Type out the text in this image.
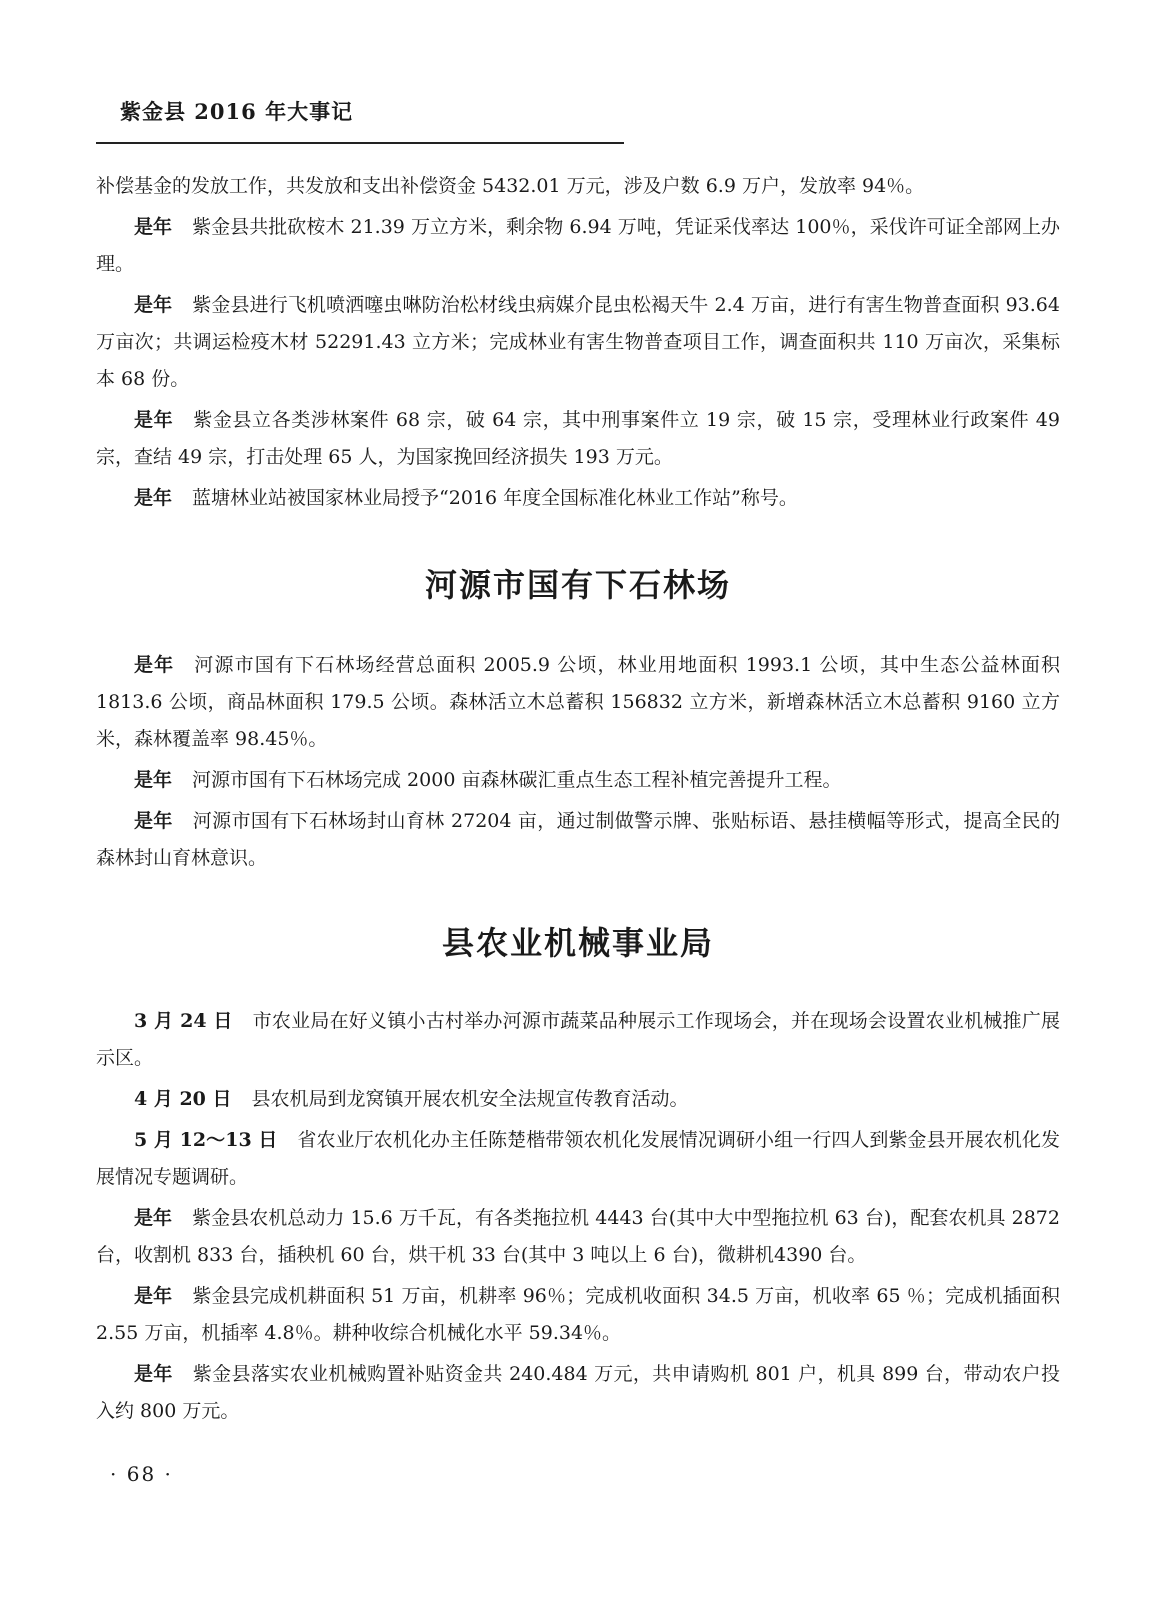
紫金县 2016 年大事记

补偿基金的发放工作，共发放和支出补偿资金 5432.01 万元，涉及户数 6.9 万户，发放率 94％。

是年 紫金县共批砍桉木 21.39 万立方米，剩余物 6.94 万吨，凭证采伐率达 100％，采伐许可证全部网上办理。

是年 紫金县进行飞机喷洒噻虫啉防治松材线虫病媒介昆虫松褐天牛 2.4 万亩，进行有害生物普查面积 93.64 万亩次；共调运检疫木材 52291.43 立方米；完成林业有害生物普查项目工作，调查面积共 110 万亩次，采集标本 68 份。

是年 紫金县立各类涉林案件 68 宗，破 64 宗，其中刑事案件立 19 宗，破 15 宗，受理林业行政案件 49 宗，查结 49 宗，打击处理 65 人，为国家挽回经济损失 193 万元。

是年 蓝塘林业站被国家林业局授予“2016 年度全国标准化林业工作站”称号。

河源市国有下石林场

是年 河源市国有下石林场经营总面积 2005.9 公顷，林业用地面积 1993.1 公顷，其中生态公益林面积 1813.6 公顷，商品林面积 179.5 公顷。森林活立木总蓄积 156832 立方米，新增森林活立木总蓄积 9160 立方米，森林覆盖率 98.45％。

是年 河源市国有下石林场完成 2000 亩森林碳汇重点生态工程补植完善提升工程。

是年 河源市国有下石林场封山育林 27204 亩，通过制做警示牌、张贴标语、悬挂横幅等形式，提高全民的森林封山育林意识。

县农业机械事业局

3 月 24 日 市农业局在好义镇小古村举办河源市蔬菜品种展示工作现场会，并在现场会设置农业机械推广展示区。

4 月 20 日 县农机局到龙窝镇开展农机安全法规宣传教育活动。

5 月 12～13 日 省农业厅农机化办主任陈楚楷带领农机化发展情况调研小组一行四人到紫金县开展农机化发展情况专题调研。

是年 紫金县农机总动力 15.6 万千瓦，有各类拖拉机 4443 台(其中大中型拖拉机 63 台)，配套农机具 2872 台，收割机 833 台，插秧机 60 台，烘干机 33 台(其中 3 吨以上 6 台)，微耕机4390 台。

是年 紫金县完成机耕面积 51 万亩，机耕率 96％；完成机收面积 34.5 万亩，机收率 65 ％；完成机插面积 2.55 万亩，机插率 4.8％。耕种收综合机械化水平 59.34％。

是年 紫金县落实农业机械购置补贴资金共 240.484 万元，共申请购机 801 户，机具 899 台，带动农户投入约 800 万元。

· 68 ·
